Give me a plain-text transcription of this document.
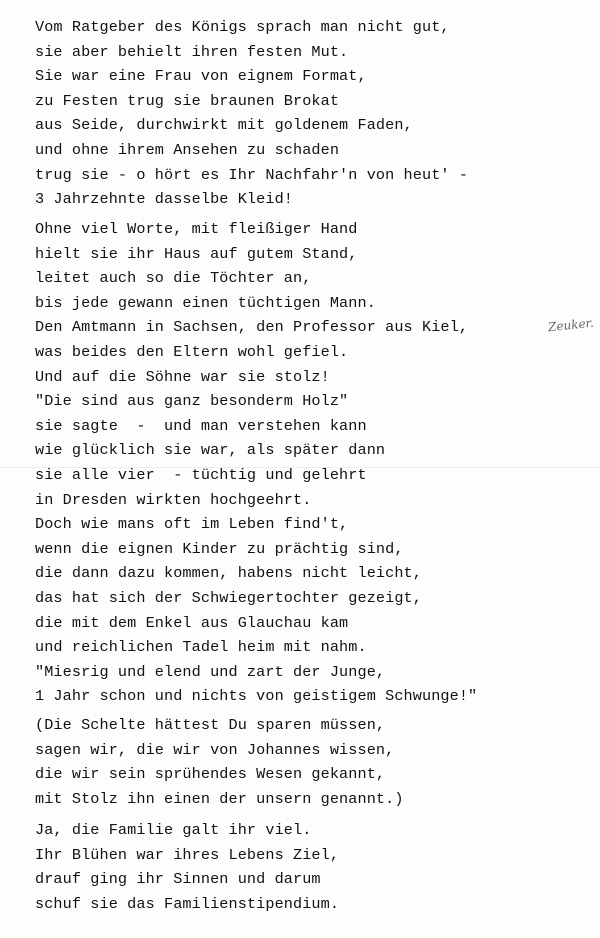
Vom Ratgeber des Königs sprach man nicht gut,
sie aber behielt ihren festen Mut.
Sie war eine Frau von eignem Format,
zu Festen trug sie braunen Brokat
aus Seide, durchwirkt mit goldenem Faden,
und ohne ihrem Ansehen zu schaden
trug sie - o hört es Ihr Nachfahr'n von heut' -
3 Jahrzehnte dasselbe Kleid!
Ohne viel Worte, mit fleißiger Hand
hielt sie ihr Haus auf gutem Stand,
leitet auch so die Töchter an,
bis jede gewann einen tüchtigen Mann.
Den Amtmann in Sachsen, den Professor aus Kiel,
was beides den Eltern wohl gefiel.
Und auf die Söhne war sie stolz!
"Die sind aus ganz besonderm Holz"
sie sagte  -  und man verstehen kann
wie glücklich sie war, als später dann
sie alle vier  - tüchtig und gelehrt
in Dresden wirkten hochgeehrt.
Doch wie mans oft im Leben find't,
wenn die eignen Kinder zu prächtig sind,
die dann dazu kommen, habens nicht leicht,
das hat sich der Schwiegertochter gezeigt,
die mit dem Enkel aus Glauchau kam
und reichlichen Tadel heim mit nahm.
"Miesrig und elend und zart der Junge,
1 Jahr schon und nichts von geistigem Schwunge!"
(Die Schelte hättest Du sparen müssen,
sagen wir, die wir von Johannes wissen,
die wir sein sprühendes Wesen gekannt,
mit Stolz ihn einen der unsern genannt.)
Ja, die Familie galt ihr viel.
Ihr Blühen war ihres Lebens Ziel,
drauf ging ihr Sinnen und darum
schuf sie das Familienstipendium.
Zeuker.
